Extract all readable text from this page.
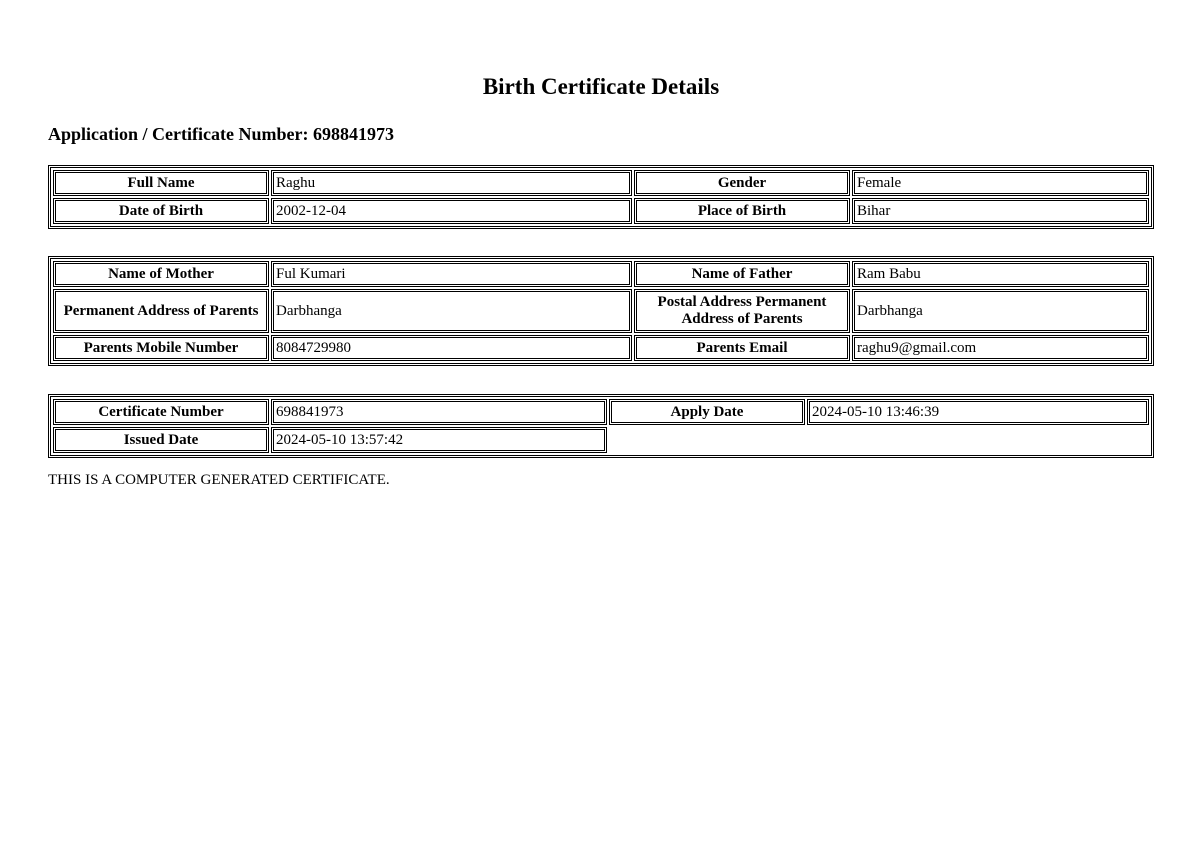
Birth Certificate Details
Application / Certificate Number: 698841973
Full Name	Raghu	Gender	Female
Date of Birth	2002-12-04	Place of Birth	Bihar
Name of Mother	Ful Kumari	Name of Father	Ram Babu
Permanent Address of Parents	Darbhanga	Postal Address Permanent Address of Parents	Darbhanga
Parents Mobile Number	8084729980	Parents Email	raghu9@gmail.com
Certificate Number	698841973	Apply Date	2024-05-10 13:46:39
Issued Date	2024-05-10 13:57:42		
THIS IS A COMPUTER GENERATED CERTIFICATE.
